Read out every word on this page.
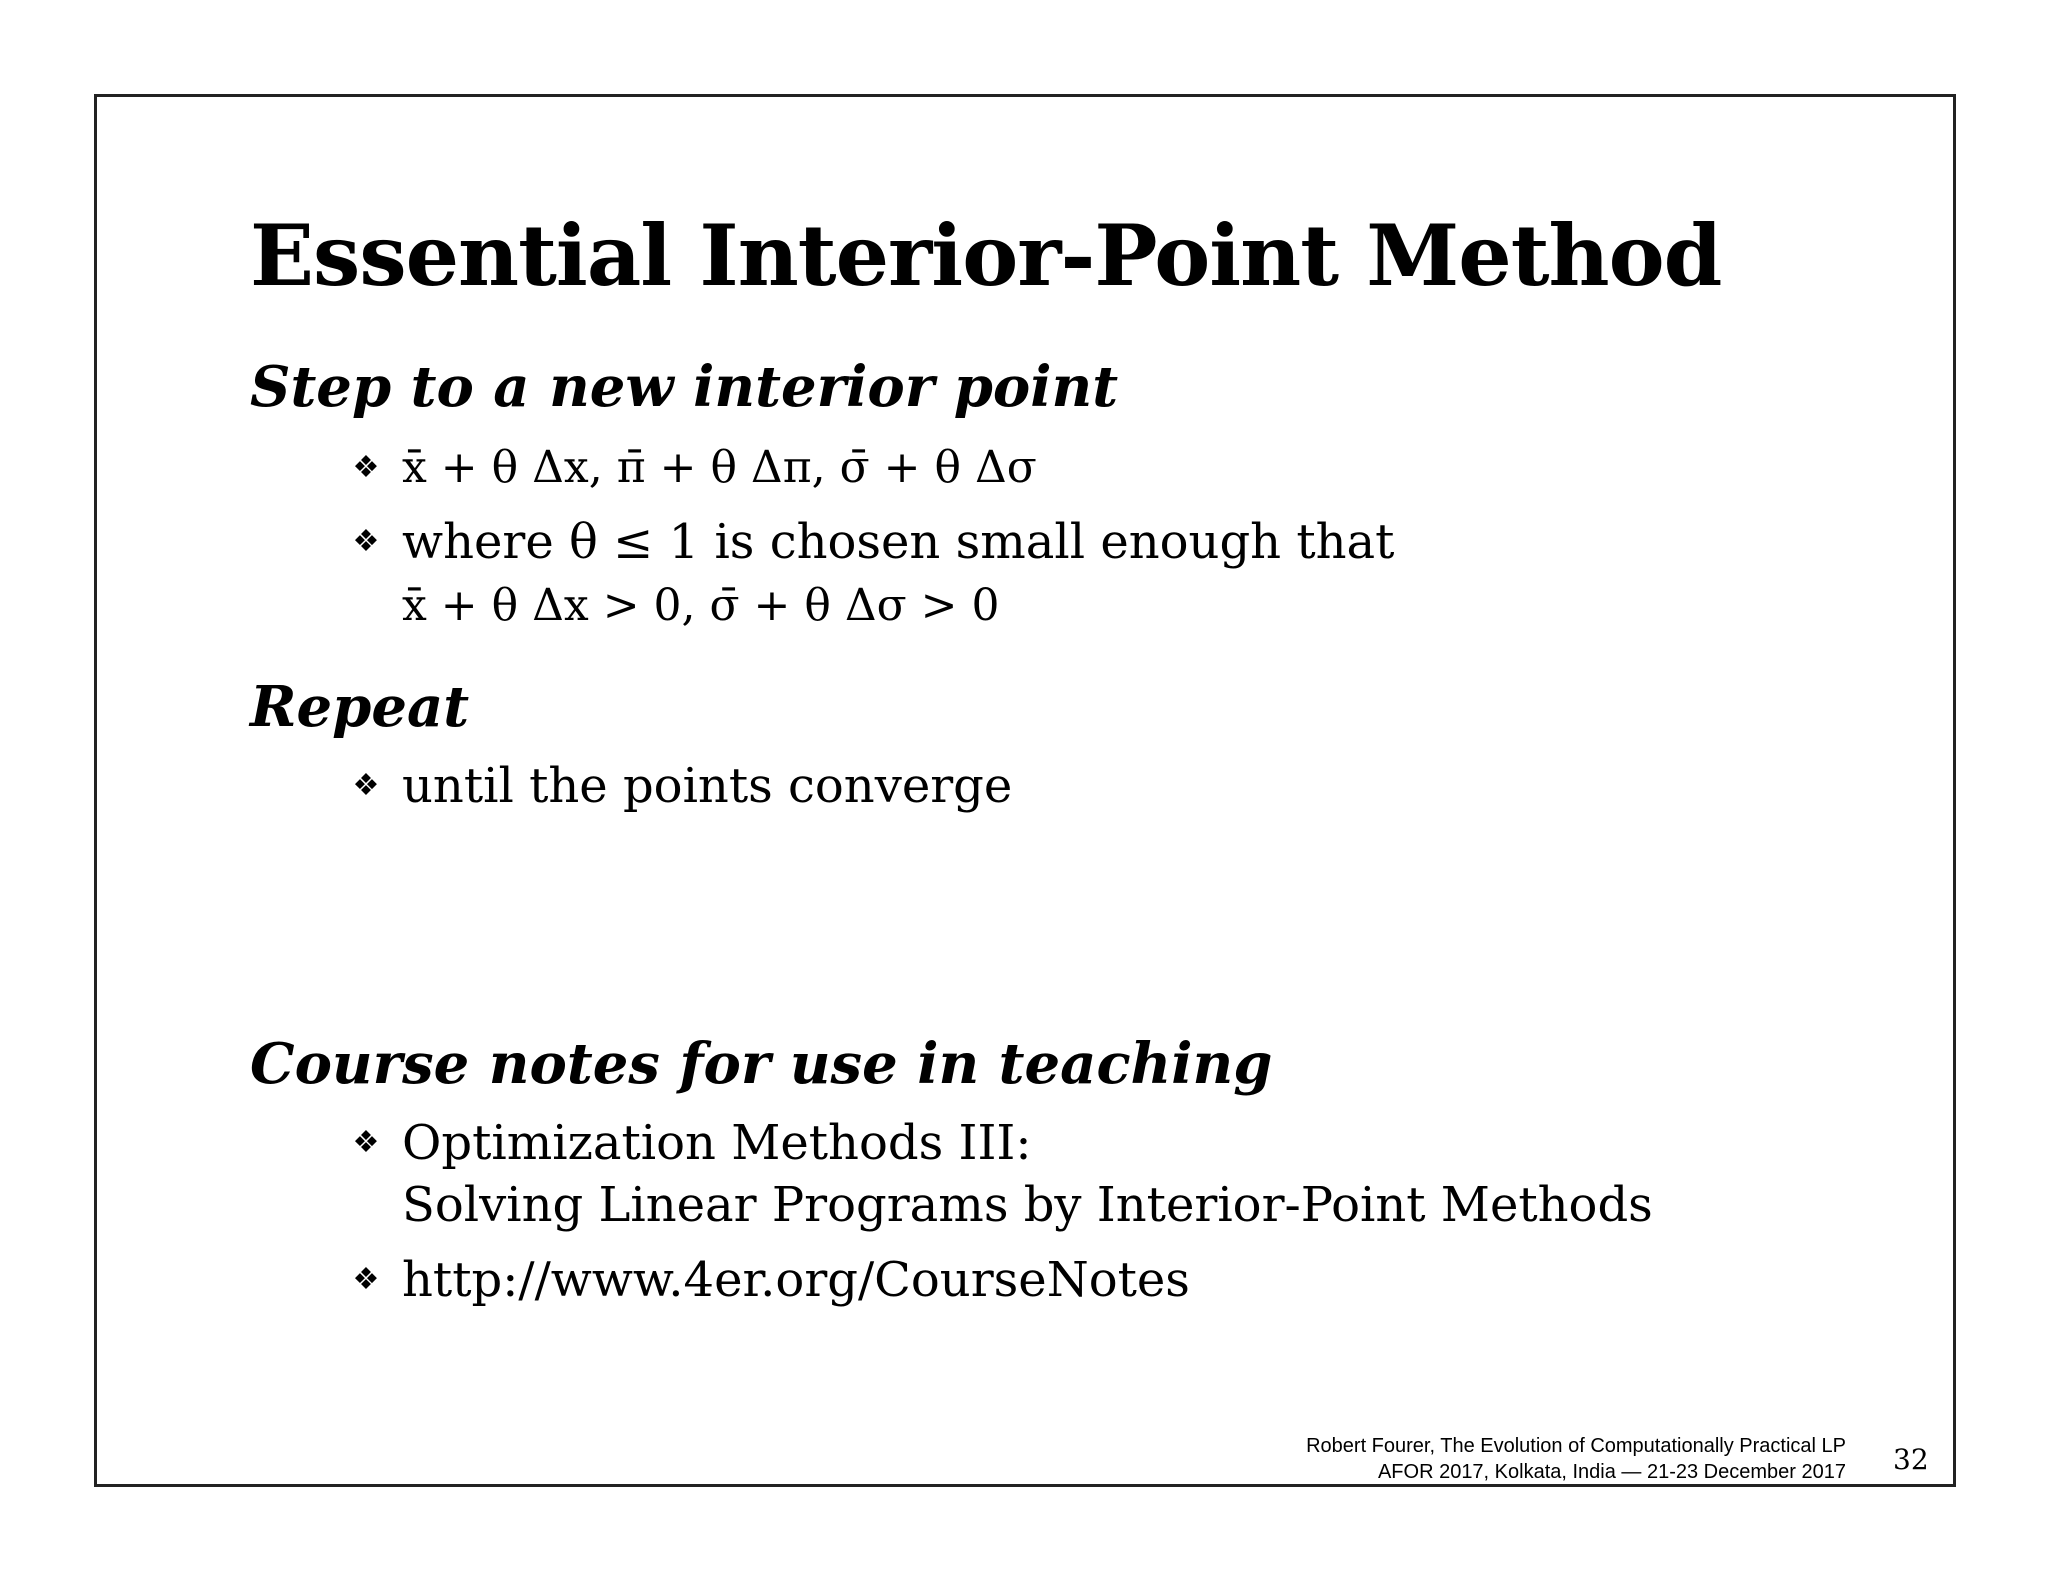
Essential Interior-Point Method
Step to a new interior point
❖ x̄ + θ Δx, π̄ + θ Δπ, σ̄ + θ Δσ
❖ where θ ≤ 1 is chosen small enough that
x̄ + θ Δx > 0, σ̄ + θ Δσ > 0
Repeat
❖ until the points converge
Course notes for use in teaching
❖ Optimization Methods III:
Solving Linear Programs by Interior-Point Methods
❖ http://www.4er.org/CourseNotes
Robert Fourer, The Evolution of Computationally Practical LP
AFOR 2017, Kolkata, India — 21-23 December 2017 32
